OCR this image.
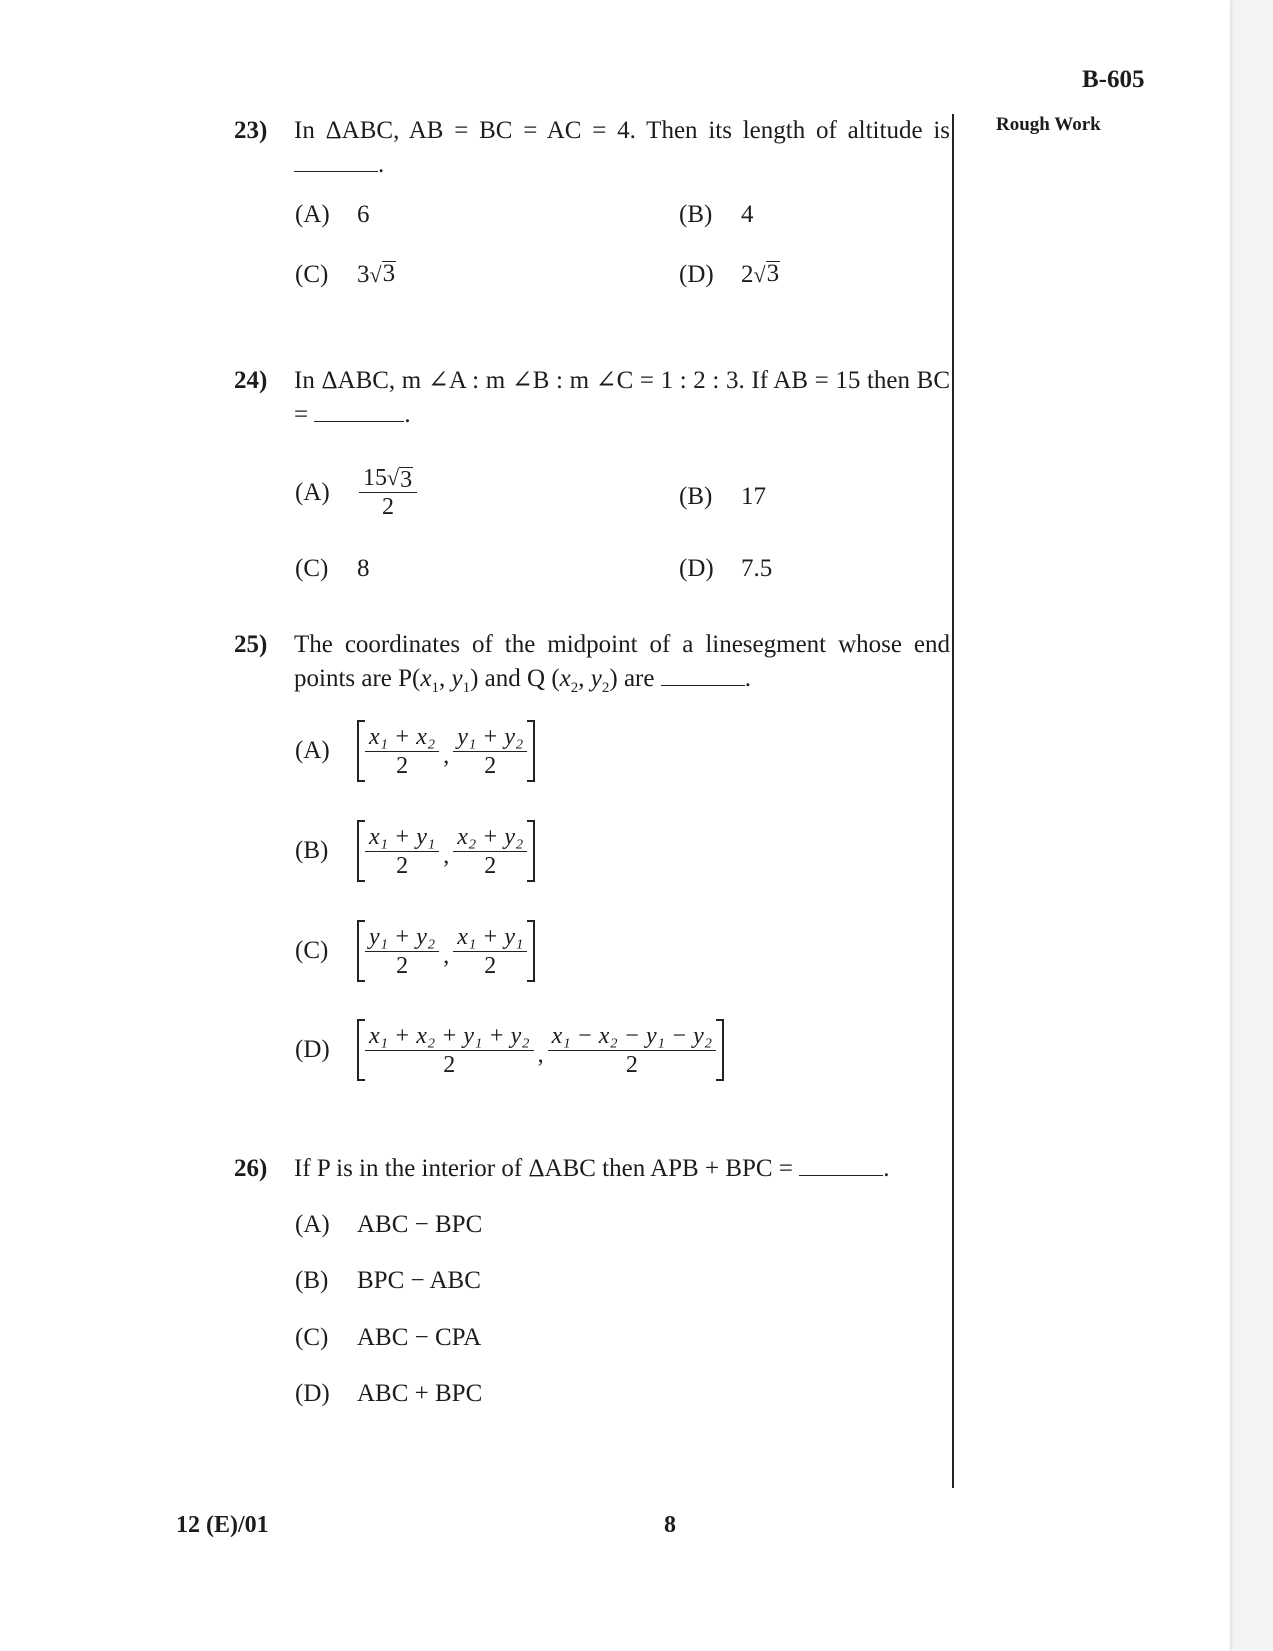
B-605
Rough Work
23) In ΔABC, AB = BC = AC = 4. Then its length of altitude is .
(A)	6	(B)	4
(C)	3 √ 3	(D)	2 √ 3
24) In ΔABC, m ∠A : m ∠B : m ∠C = 1 : 2 : 3. If AB = 15 then BC =	.
(A)	$\frac{15 √ 3}{2}$	(B)	17
(C)	8	(D)	7.5
25) The coordinates of the midpoint of a linesegment whose end points are $P(x_1$, $y_1$) and Q ($x_2$, $y_2$) are	.
(A)	$\frac{\text{x₁ + x₂}}{2}$ , $\frac{\text{y₁ + y₂}}{2}$
(B)	$\frac{\text{x₁ + y₁}}{2}$ , $\frac{\text{x₂ + y₂}}{2}$
(C)	$\frac{\text{y₁ + y₂}}{2}$ , $\frac{\text{x₁ + y₁}}{2}$
(D)	$\frac{\text{x₁ + x₂ + y₁ + y₂}}{2}$ , $\frac{\text{x₁ − x₂ − y₁ − y₂}}{2}$
26) If P is in the interior of ΔABC then APB + BPC =	.
(A)	ABC − BPC
(B)	BPC − ABC
(C)	ABC − CPA
(D)	ABC + BPC
12 (E)/01	8
